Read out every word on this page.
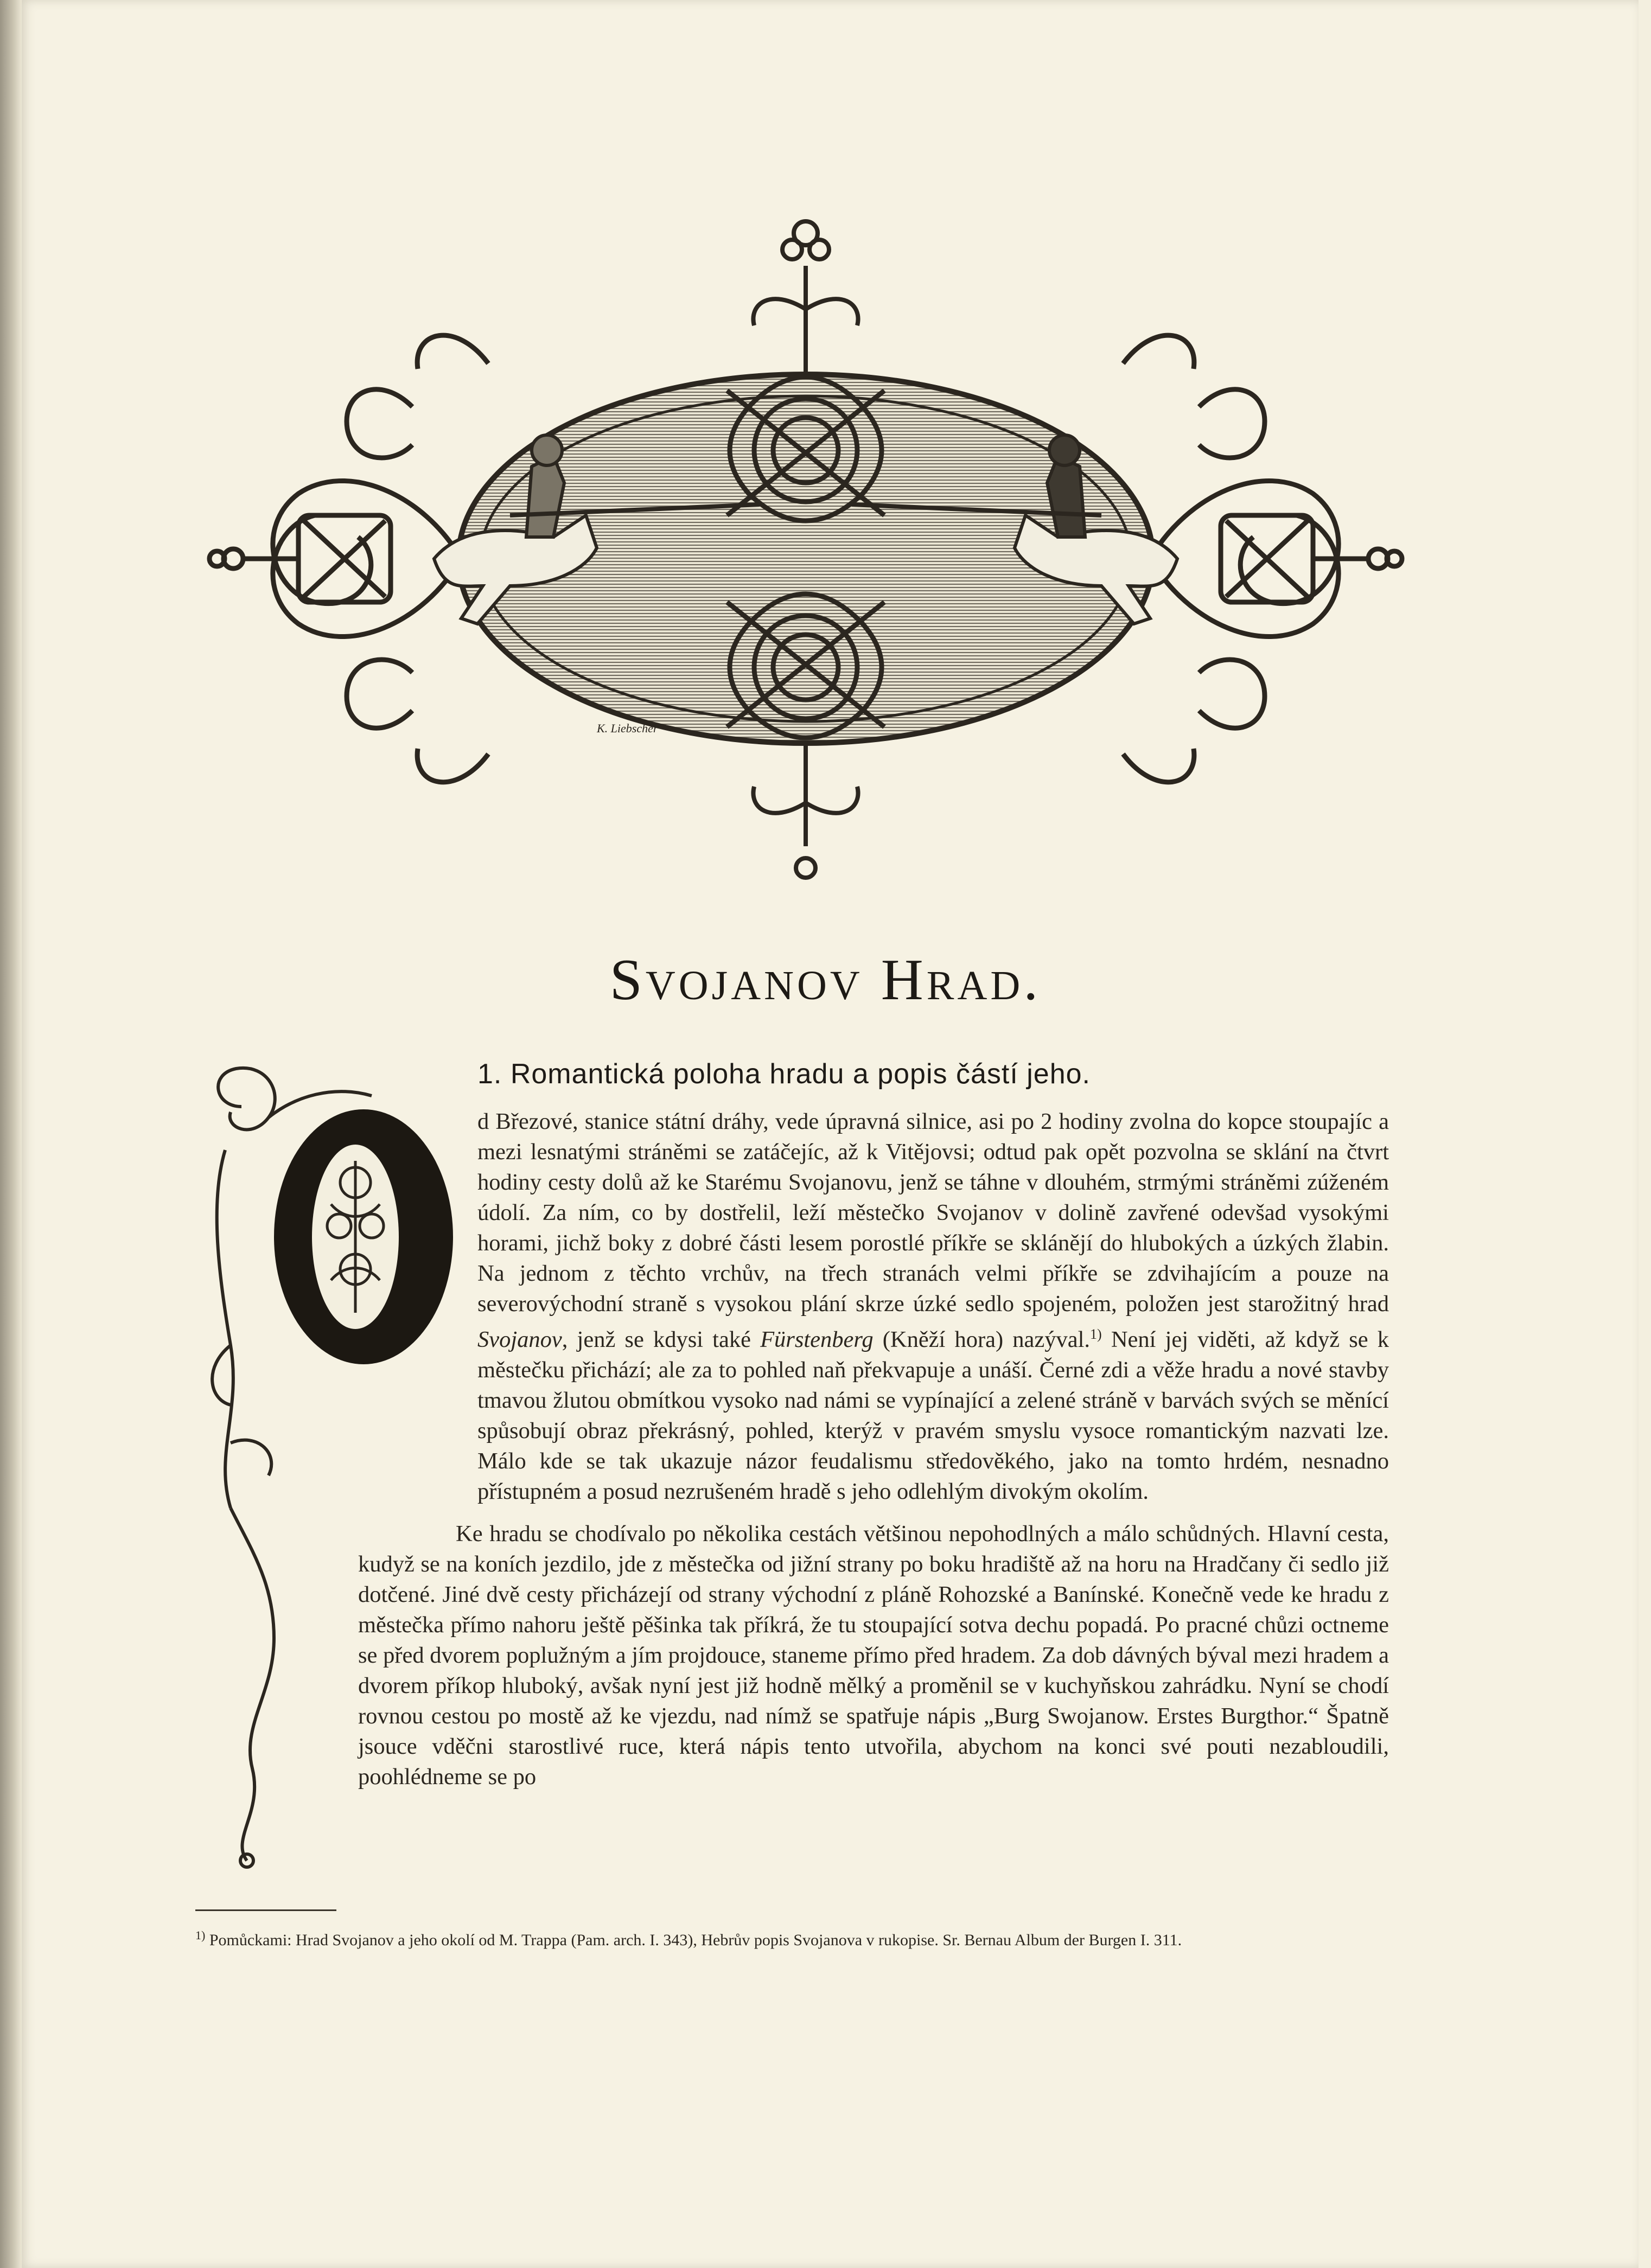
K. Liebscher
Svojanov Hrad.
1. Romantická poloha hradu a popis částí jeho.

d Březové, stanice státní dráhy, vede úpravná silnice, asi po 2 hodiny zvolna do kopce stoupajíc a mezi lesnatými stráněmi se zatáčejíc, až k Vitějovsi; odtud pak opět pozvolna se sklání na čtvrt hodiny cesty dolů až ke Starému Svojanovu, jenž se táhne v dlouhém, strmými stráněmi zúženém údolí. Za ním, co by dostřelil, leží městečko Svojanov v dolině zavřené odevšad vysokými horami, jichž boky z dobré části lesem porostlé příkře se sklánějí do hlubokých a úzkých žlabin. Na jednom z těchto vrchův, na třech stranách velmi příkře se zdvihajícím a pouze na severovýchodní straně s vysokou plání skrze úzké sedlo spojeném, položen jest starožitný hrad Svojanov, jenž se kdysi také Fürstenberg (Kněží hora) nazýval.$^{1)}$ Není jej viděti, až když se k městečku přichází; ale za to pohled naň překvapuje a unáší. Černé zdi a věže hradu a nové stavby tmavou žlutou obmítkou vysoko nad námi se vypínající a zelené stráně v barvách svých se měnící spůsobují obraz překrásný, pohled, kterýž v pravém smyslu vysoce romantickým nazvati lze. Málo kde se tak ukazuje názor feudalismu středověkého, jako na tomto hrdém, nesnadno přístupném a posud nezrušeném hradě s jeho odlehlým divokým okolím.

Ke hradu se chodívalo po několika cestách většinou nepohodlných a málo schůdných. Hlavní cesta, kudyž se na koních jezdilo, jde z městečka od jižní strany po boku hradiště až na horu na Hradčany či sedlo již dotčené. Jiné dvě cesty přicházejí od strany východní z pláně Rohozské a Banínské. Konečně vede ke hradu z městečka přímo nahoru ještě pěšinka tak příkrá, že tu stoupající sotva dechu popadá. Po pracné chůzi octneme se před dvorem poplužným a jím projdouce, staneme přímo před hradem. Za dob dávných býval mezi hradem a dvorem příkop hluboký, avšak nyní jest již hodně mělký a proměnil se v kuchyňskou zahrádku. Nyní se chodí rovnou cestou po mostě až ke vjezdu, nad nímž se spatřuje nápis „Burg Swojanow. Erstes Burgthor.“ Špatně jsouce vděčni starostlivé ruce, která nápis tento utvořila, abychom na konci své pouti nezabloudili, poohlédneme se po

$^{1)}$ Pomůckami: Hrad Svojanov a jeho okolí od M. Trappa (Pam. arch. I. 343), Hebrův popis Svojanova v rukopise. Sr. Bernau Album der Burgen I. 311.
